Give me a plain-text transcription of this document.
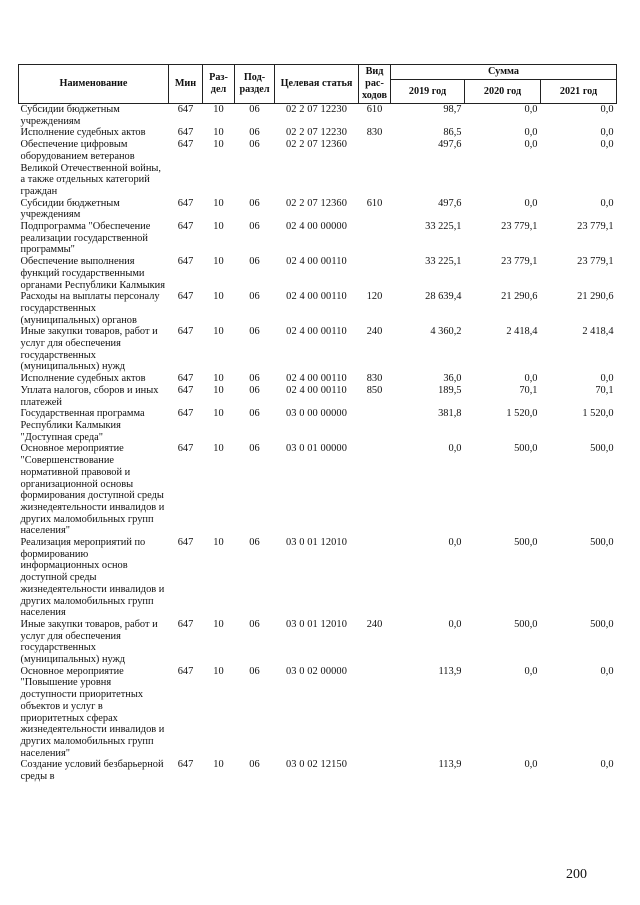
Наименование	Мин	Раз- дел	Под- раздел	Целевая статья	Вид рас- ходов	Сумма		
						2019 год	2020 год	2021 год
Субсидии бюджетным учреждениям	647	10	06	02 2 07 12230	610	98,7	0,0	0,0
Исполнение судебных актов	647	10	06	02 2 07 12230	830	86,5	0,0	0,0
Обеспечение цифровым оборудованием ветеранов Великой Отечественной войны, а также отдельных категорий граждан	647	10	06	02 2 07 12360		497,6	0,0	0,0
Субсидии бюджетным учреждениям	647	10	06	02 2 07 12360	610	497,6	0,0	0,0
Подпрограмма "Обеспечение реализации государственной программы"	647	10	06	02 4 00 00000		33 225,1	23 779,1	23 779,1
Обеспечение выполнения функций государственными органами Республики Калмыкия	647	10	06	02 4 00 00110		33 225,1	23 779,1	23 779,1
Расходы на выплаты персоналу государственных (муниципальных) органов	647	10	06	02 4 00 00110	120	28 639,4	21 290,6	21 290,6
Иные закупки товаров, работ и услуг для обеспечения государственных (муниципальных) нужд	647	10	06	02 4 00 00110	240	4 360,2	2 418,4	2 418,4
Исполнение судебных актов	647	10	06	02 4 00 00110	830	36,0	0,0	0,0
Уплата налогов, сборов и иных платежей	647	10	06	02 4 00 00110	850	189,5	70,1	70,1
Государственная программа Республики Калмыкия "Доступная среда"	647	10	06	03 0 00 00000		381,8	1 520,0	1 520,0
Основное мероприятие "Совершенствование нормативной правовой и организационной основы формирования доступной среды жизнедеятельности инвалидов и других маломобильных групп населения"	647	10	06	03 0 01 00000		0,0	500,0	500,0
Реализация мероприятий по формированию информационных основ доступной среды жизнедеятельности инвалидов и других маломобильных групп населения	647	10	06	03 0 01 12010		0,0	500,0	500,0
Иные закупки товаров, работ и услуг для обеспечения государственных (муниципальных) нужд	647	10	06	03 0 01 12010	240	0,0	500,0	500,0
Основное мероприятие "Повышение уровня доступности приоритетных объектов и услуг в приоритетных сферах жизнедеятельности инвалидов и других маломобильных групп населения"	647	10	06	03 0 02 00000		113,9	0,0	0,0
Создание условий безбарьерной среды в	647	10	06	03 0 02 12150		113,9	0,0	0,0
200
